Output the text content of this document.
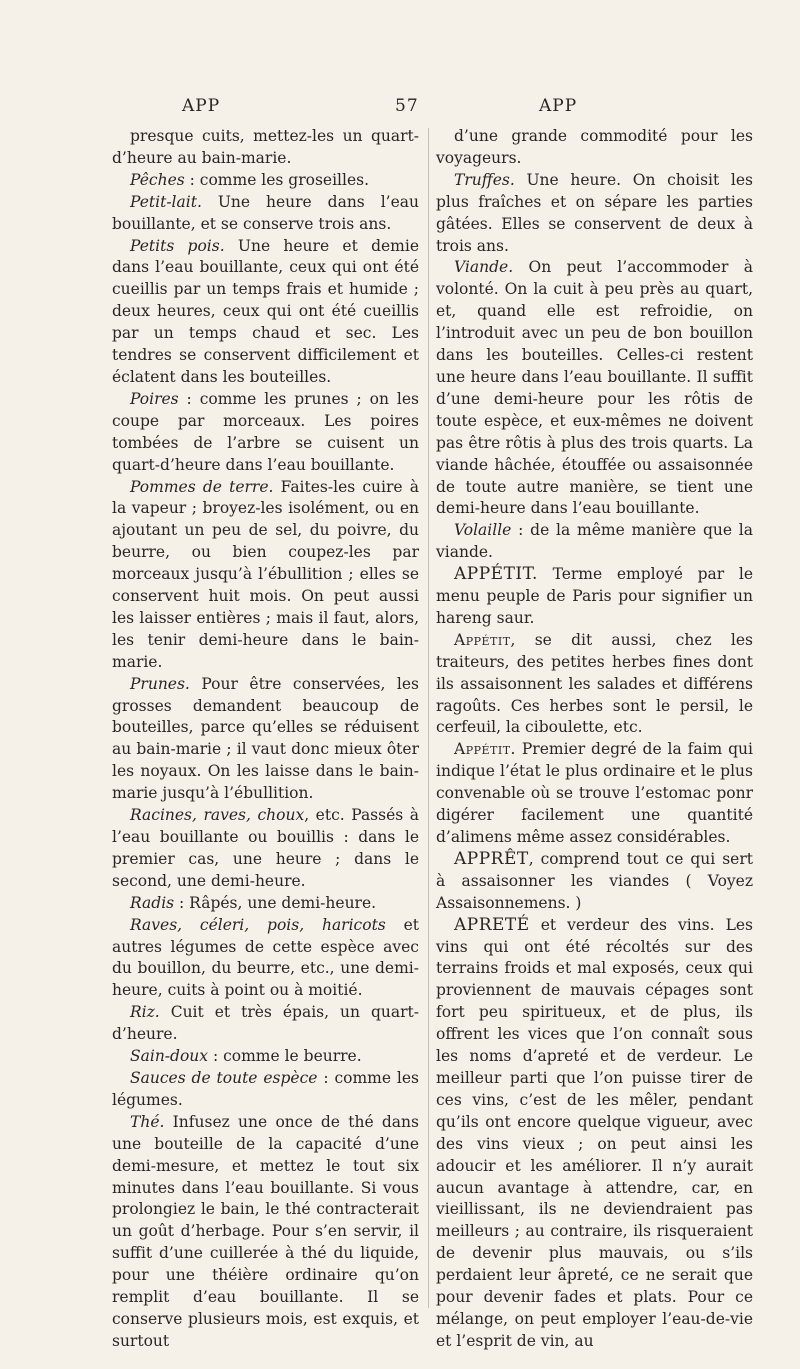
APP	57	APP

presque cuits, mettez-les un quart-d’heure au bain-marie.

Pêches : comme les groseilles.

Petit-lait. Une heure dans l’eau bouillante, et se conserve trois ans.

Petits pois. Une heure et demie dans l’eau bouillante, ceux qui ont été cueillis par un temps frais et humide ; deux heures, ceux qui ont été cueillis par un temps chaud et sec. Les tendres se conservent difficilement et éclatent dans les bouteilles.

Poires : comme les prunes ; on les coupe par morceaux. Les poires tombées de l’arbre se cuisent un quart-d’heure dans l’eau bouillante.

Pommes de terre. Faites-les cuire à la vapeur ; broyez-les isolément, ou en ajoutant un peu de sel, du poivre, du beurre, ou bien coupez-les par morceaux jusqu’à l’ébullition ; elles se conservent huit mois. On peut aussi les laisser entières ; mais il faut, alors, les tenir demi-heure dans le bain-marie.

Prunes. Pour être conservées, les grosses demandent beaucoup de bouteilles, parce qu’elles se réduisent au bain-marie ; il vaut donc mieux ôter les noyaux. On les laisse dans le bain-marie jusqu’à l’ébullition.

Racines, raves, choux, etc. Passés à l’eau bouillante ou bouillis : dans le premier cas, une heure ; dans le second, une demi-heure.

Radis : Râpés, une demi-heure.

Raves, céleri, pois, haricots et autres légumes de cette espèce avec du bouillon, du beurre, etc., une demi-heure, cuits à point ou à moitié.

Riz. Cuit et très épais, un quart-d’heure.

Sain-doux : comme le beurre.

Sauces de toute espèce : comme les légumes.

Thé. Infusez une once de thé dans une bouteille de la capacité d’une demi-mesure, et mettez le tout six minutes dans l’eau bouillante. Si vous prolongiez le bain, le thé contracterait un goût d’herbage. Pour s’en servir, il suffit d’une cuillerée à thé du liquide, pour une théière ordinaire qu’on remplit d’eau bouillante. Il se conserve plusieurs mois, est exquis, et surtout

d’une grande commodité pour les voyageurs.

Truffes. Une heure. On choisit les plus fraîches et on sépare les parties gâtées. Elles se conservent de deux à trois ans.

Viande. On peut l’accommoder à volonté. On la cuit à peu près au quart, et, quand elle est refroidie, on l’introduit avec un peu de bon bouillon dans les bouteilles. Celles-ci restent une heure dans l’eau bouillante. Il suffit d’une demi-heure pour les rôtis de toute espèce, et eux-mêmes ne doivent pas être rôtis à plus des trois quarts. La viande hâchée, étouffée ou assaisonnée de toute autre manière, se tient une demi-heure dans l’eau bouillante.

Volaille : de la même manière que la viande.

APPÉTIT. Terme employé par le menu peuple de Paris pour signifier un hareng saur.

Appétit, se dit aussi, chez les traiteurs, des petites herbes fines dont ils assaisonnent les salades et différens ragoûts. Ces herbes sont le persil, le cerfeuil, la ciboulette, etc.

Appétit. Premier degré de la faim qui indique l’état le plus ordinaire et le plus convenable où se trouve l’estomac ponr digérer facilement une quantité d’alimens même assez considérables.

APPRÊT, comprend tout ce qui sert à assaisonner les viandes ( Voyez Assaisonnemens. )

APRETÉ et verdeur des vins. Les vins qui ont été récoltés sur des terrains froids et mal exposés, ceux qui proviennent de mauvais cépages sont fort peu spiritueux, et de plus, ils offrent les vices que l’on connaît sous les noms d’apreté et de verdeur. Le meilleur parti que l’on puisse tirer de ces vins, c’est de les mêler, pendant qu’ils ont encore quelque vigueur, avec des vins vieux ; on peut ainsi les adoucir et les améliorer. Il n’y aurait aucun avantage à attendre, car, en vieillissant, ils ne deviendraient pas meilleurs ; au contraire, ils risqueraient de devenir plus mauvais, ou s’ils perdaient leur âpreté, ce ne serait que pour devenir fades et plats. Pour ce mélange, on peut employer l’eau-de-vie et l’esprit de vin, au
